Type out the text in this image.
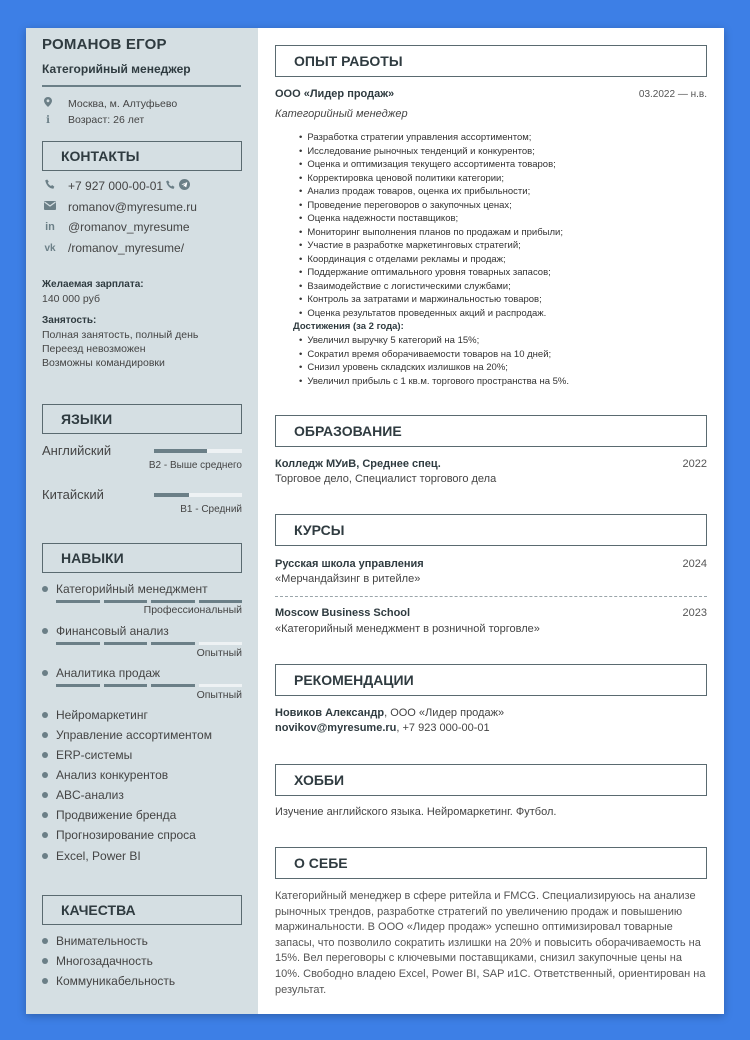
РОМАНОВ ЕГОР
Категорийный менеджер
Москва, м. Алтуфьево
i	Возраст: 26 лет
КОНТАКТЫ
+7 927 000-00-01
romanov@myresume.ru
in @romanov_myresume
vk /romanov_myresume/
Желаемая зарплата:
140 000 руб
Занятость:
Полная занятость, полный день
Переезд невозможен
Возможны командировки
ЯЗЫКИ
Английский
B2 - Выше среднего
Китайский
B1 - Средний
НАВЫКИ
Категорийный менеджмент
Профессиональный
Финансовый анализ
Опытный
Аналитика продаж
Опытный
Нейромаркетинг
Управление ассортиментом
ERP-системы
Анализ конкурентов
ABC-анализ
Продвижение бренда
Прогнозирование спроса
Excel, Power BI
КАЧЕСТВА
Внимательность
Многозадачность
Коммуникабельность
ОПЫТ РАБОТЫ
ООО «Лидер продаж»	03.2022 — н.в.
Категорийный менеджер
• Разработка стратегии управления ассортиментом;
• Исследование рыночных тенденций и конкурентов;
• Оценка и оптимизация текущего ассортимента товаров;
• Корректировка ценовой политики категории;
• Анализ продаж товаров, оценка их прибыльности;
• Проведение переговоров о закупочных ценах;
• Оценка надежности поставщиков;
• Мониторинг выполнения планов по продажам и прибыли;
• Участие в разработке маркетинговых стратегий;
• Координация с отделами рекламы и продаж;
• Поддержание оптимального уровня товарных запасов;
• Взаимодействие с логистическими службами;
• Контроль за затратами и маржинальностью товаров;
• Оценка результатов проведенных акций и распродаж.
Достижения (за 2 года):
• Увеличил выручку 5 категорий на 15%;
• Сократил время оборачиваемости товаров на 10 дней;
• Снизил уровень складских излишков на 20%;
• Увеличил прибыль с 1 кв.м. торгового пространства на 5%.
ОБРАЗОВАНИЕ
Колледж МУиВ, Среднее спец.	2022
Торговое дело, Специалист торгового дела
КУРСЫ
Русская школа управления	2024
«Мерчандайзинг в ритейле»
Moscow Business School	2023
«Категорийный менеджмент в розничной торговле»
РЕКОМЕНДАЦИИ
Новиков Александр, ООО «Лидер продаж»
novikov@myresume.ru, +7 923 000-00-01
ХОББИ
Изучение английского языка. Нейромаркетинг. Футбол.
О СЕБЕ
Категорийный менеджер в сфере ритейла и FMCG. Специализируюсь на анализе рыночных трендов, разработке стратегий по увеличению продаж и повышению маржинальности. В ООО «Лидер продаж» успешно оптимизировал товарные запасы, что позволило сократить излишки на 20% и повысить оборачиваемость на 15%. Вел переговоры с ключевыми поставщиками, снизил закупочные цены на 10%. Свободно владею Excel, Power BI, SAP и1С. Ответственный, ориентирован на результат.
